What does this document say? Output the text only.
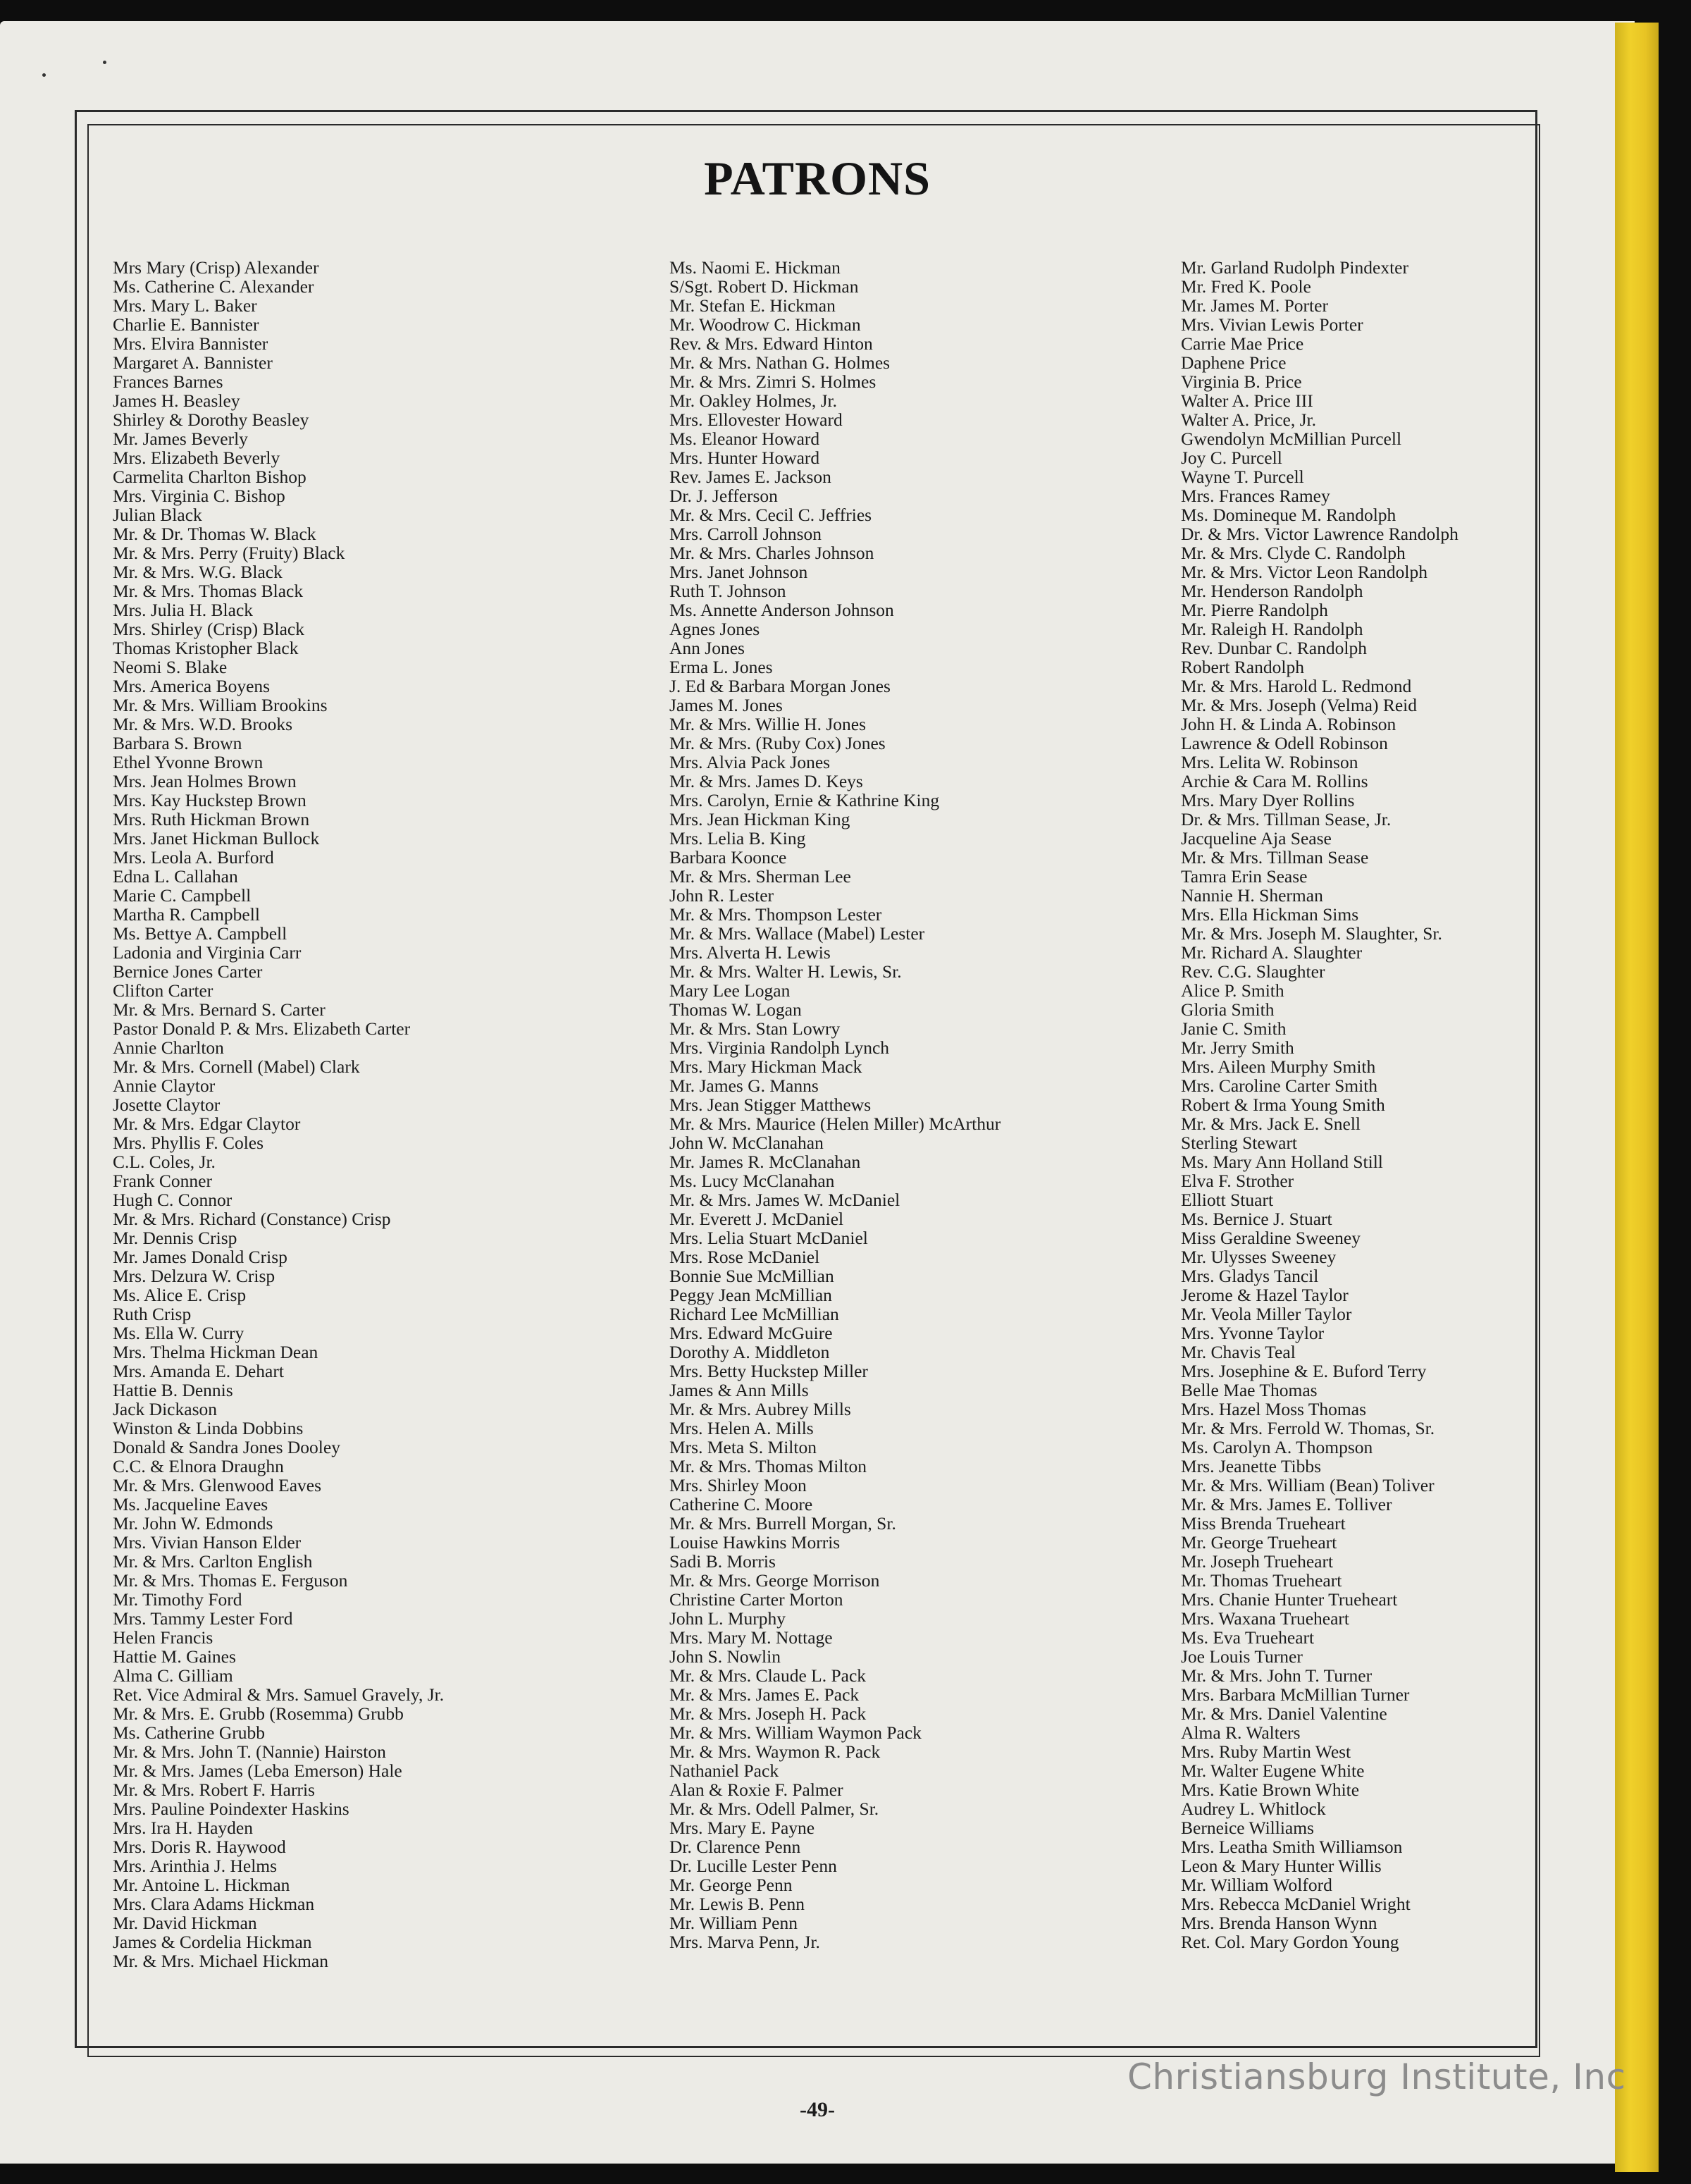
PATRONS
Mrs Mary (Crisp) Alexander
Ms. Catherine C. Alexander
Mrs. Mary L. Baker
Charlie E. Bannister
Mrs. Elvira Bannister
Margaret A. Bannister
Frances Barnes
James H. Beasley
Shirley & Dorothy Beasley
Mr. James Beverly
Mrs. Elizabeth Beverly
Carmelita Charlton Bishop
Mrs. Virginia C. Bishop
Julian Black
Mr. & Dr. Thomas W. Black
Mr. & Mrs. Perry (Fruity) Black
Mr. & Mrs. W.G. Black
Mr. & Mrs. Thomas Black
Mrs. Julia H. Black
Mrs. Shirley (Crisp) Black
Thomas Kristopher Black
Neomi S. Blake
Mrs. America Boyens
Mr. & Mrs. William Brookins
Mr. & Mrs. W.D. Brooks
Barbara S. Brown
Ethel Yvonne Brown
Mrs. Jean Holmes Brown
Mrs. Kay Huckstep Brown
Mrs. Ruth Hickman Brown
Mrs. Janet Hickman Bullock
Mrs. Leola A. Burford
Edna L. Callahan
Marie C. Campbell
Martha R. Campbell
Ms. Bettye A. Campbell
Ladonia and Virginia Carr
Bernice Jones Carter
Clifton Carter
Mr. & Mrs. Bernard S. Carter
Pastor Donald P. & Mrs. Elizabeth Carter
Annie Charlton
Mr. & Mrs. Cornell (Mabel) Clark
Annie Claytor
Josette Claytor
Mr. & Mrs. Edgar Claytor
Mrs. Phyllis F. Coles
C.L. Coles, Jr.
Frank Conner
Hugh C. Connor
Mr. & Mrs. Richard (Constance) Crisp
Mr. Dennis Crisp
Mr. James Donald Crisp
Mrs. Delzura W. Crisp
Ms. Alice E. Crisp
Ruth Crisp
Ms. Ella W. Curry
Mrs. Thelma Hickman Dean
Mrs. Amanda E. Dehart
Hattie B. Dennis
Jack Dickason
Winston & Linda Dobbins
Donald & Sandra Jones Dooley
C.C. & Elnora Draughn
Mr. & Mrs. Glenwood Eaves
Ms. Jacqueline Eaves
Mr. John W. Edmonds
Mrs. Vivian Hanson Elder
Mr. & Mrs. Carlton English
Mr. & Mrs. Thomas E. Ferguson
Mr. Timothy Ford
Mrs. Tammy Lester Ford
Helen Francis
Hattie M. Gaines
Alma C. Gilliam
Ret. Vice Admiral & Mrs. Samuel Gravely, Jr.
Mr. & Mrs. E. Grubb (Rosemma) Grubb
Ms. Catherine Grubb
Mr. & Mrs. John T. (Nannie) Hairston
Mr. & Mrs. James (Leba Emerson) Hale
Mr. & Mrs. Robert F. Harris
Mrs. Pauline Poindexter Haskins
Mrs. Ira H. Hayden
Mrs. Doris R. Haywood
Mrs. Arinthia J. Helms
Mr. Antoine L. Hickman
Mrs. Clara Adams Hickman
Mr. David Hickman
James & Cordelia Hickman
Mr. & Mrs. Michael Hickman
Ms. Naomi E. Hickman
S/Sgt. Robert D. Hickman
Mr. Stefan E. Hickman
Mr. Woodrow C. Hickman
Rev. & Mrs. Edward Hinton
Mr. & Mrs. Nathan G. Holmes
Mr. & Mrs. Zimri S. Holmes
Mr. Oakley Holmes, Jr.
Mrs. Ellovester Howard
Ms. Eleanor Howard
Mrs. Hunter Howard
Rev. James E. Jackson
Dr. J. Jefferson
Mr. & Mrs. Cecil C. Jeffries
Mrs. Carroll Johnson
Mr. & Mrs. Charles Johnson
Mrs. Janet Johnson
Ruth T. Johnson
Ms. Annette Anderson Johnson
Agnes Jones
Ann Jones
Erma L. Jones
J. Ed & Barbara Morgan Jones
James M. Jones
Mr. & Mrs. Willie H. Jones
Mr. & Mrs. (Ruby Cox) Jones
Mrs. Alvia Pack Jones
Mr. & Mrs. James D. Keys
Mrs. Carolyn, Ernie & Kathrine King
Mrs. Jean Hickman King
Mrs. Lelia B. King
Barbara Koonce
Mr. & Mrs. Sherman Lee
John R. Lester
Mr. & Mrs. Thompson Lester
Mr. & Mrs. Wallace (Mabel) Lester
Mrs. Alverta H. Lewis
Mr. & Mrs. Walter H. Lewis, Sr.
Mary Lee Logan
Thomas W. Logan
Mr. & Mrs. Stan Lowry
Mrs. Virginia Randolph Lynch
Mrs. Mary Hickman Mack
Mr. James G. Manns
Mrs. Jean Stigger Matthews
Mr. & Mrs. Maurice (Helen Miller) McArthur
John W. McClanahan
Mr. James R. McClanahan
Ms. Lucy McClanahan
Mr. & Mrs. James W. McDaniel
Mr. Everett J. McDaniel
Mrs. Lelia Stuart McDaniel
Mrs. Rose McDaniel
Bonnie Sue McMillian
Peggy Jean McMillian
Richard Lee McMillian
Mrs. Edward McGuire
Dorothy A. Middleton
Mrs. Betty Huckstep Miller
James & Ann Mills
Mr. & Mrs. Aubrey Mills
Mrs. Helen A. Mills
Mrs. Meta S. Milton
Mr. & Mrs. Thomas Milton
Mrs. Shirley Moon
Catherine C. Moore
Mr. & Mrs. Burrell Morgan, Sr.
Louise Hawkins Morris
Sadi B. Morris
Mr. & Mrs. George Morrison
Christine Carter Morton
John L. Murphy
Mrs. Mary M. Nottage
John S. Nowlin
Mr. & Mrs. Claude L. Pack
Mr. & Mrs. James E. Pack
Mr. & Mrs. Joseph H. Pack
Mr. & Mrs. William Waymon Pack
Mr. & Mrs. Waymon R. Pack
Nathaniel Pack
Alan & Roxie F. Palmer
Mr. & Mrs. Odell Palmer, Sr.
Mrs. Mary E. Payne
Dr. Clarence Penn
Dr. Lucille Lester Penn
Mr. George Penn
Mr. Lewis B. Penn
Mr. William Penn
Mrs. Marva Penn, Jr.
Mr. Garland Rudolph Pindexter
Mr. Fred K. Poole
Mr. James M. Porter
Mrs. Vivian Lewis Porter
Carrie Mae Price
Daphene Price
Virginia B. Price
Walter A. Price III
Walter A. Price, Jr.
Gwendolyn McMillian Purcell
Joy C. Purcell
Wayne T. Purcell
Mrs. Frances Ramey
Ms. Domineque M. Randolph
Dr. & Mrs. Victor Lawrence Randolph
Mr. & Mrs. Clyde C. Randolph
Mr. & Mrs. Victor Leon Randolph
Mr. Henderson Randolph
Mr. Pierre Randolph
Mr. Raleigh H. Randolph
Rev. Dunbar C. Randolph
Robert Randolph
Mr. & Mrs. Harold L. Redmond
Mr. & Mrs. Joseph (Velma) Reid
John H. & Linda A. Robinson
Lawrence & Odell Robinson
Mrs. Lelita W. Robinson
Archie & Cara M. Rollins
Mrs. Mary Dyer Rollins
Dr. & Mrs. Tillman Sease, Jr.
Jacqueline Aja Sease
Mr. & Mrs. Tillman Sease
Tamra Erin Sease
Nannie H. Sherman
Mrs. Ella Hickman Sims
Mr. & Mrs. Joseph M. Slaughter, Sr.
Mr. Richard A. Slaughter
Rev. C.G. Slaughter
Alice P. Smith
Gloria Smith
Janie C. Smith
Mr. Jerry Smith
Mrs. Aileen Murphy Smith
Mrs. Caroline Carter Smith
Robert & Irma Young Smith
Mr. & Mrs. Jack E. Snell
Sterling Stewart
Ms. Mary Ann Holland Still
Elva F. Strother
Elliott Stuart
Ms. Bernice J. Stuart
Miss Geraldine Sweeney
Mr. Ulysses Sweeney
Mrs. Gladys Tancil
Jerome & Hazel Taylor
Mr. Veola Miller Taylor
Mrs. Yvonne Taylor
Mr. Chavis Teal
Mrs. Josephine & E. Buford Terry
Belle Mae Thomas
Mrs. Hazel Moss Thomas
Mr. & Mrs. Ferrold W. Thomas, Sr.
Ms. Carolyn A. Thompson
Mrs. Jeanette Tibbs
Mr. & Mrs. William (Bean) Toliver
Mr. & Mrs. James E. Tolliver
Miss Brenda Trueheart
Mr. George Trueheart
Mr. Joseph Trueheart
Mr. Thomas Trueheart
Mrs. Chanie Hunter Trueheart
Mrs. Waxana Trueheart
Ms. Eva Trueheart
Joe Louis Turner
Mr. & Mrs. John T. Turner
Mrs. Barbara McMillian Turner
Mr. & Mrs. Daniel Valentine
Alma R. Walters
Mrs. Ruby Martin West
Mr. Walter Eugene White
Mrs. Katie Brown White
Audrey L. Whitlock
Berneice Williams
Mrs. Leatha Smith Williamson
Leon & Mary Hunter Willis
Mr. William Wolford
Mrs. Rebecca McDaniel Wright
Mrs. Brenda Hanson Wynn
Ret. Col. Mary Gordon Young
-49-
Christiansburg Institute, Inc
